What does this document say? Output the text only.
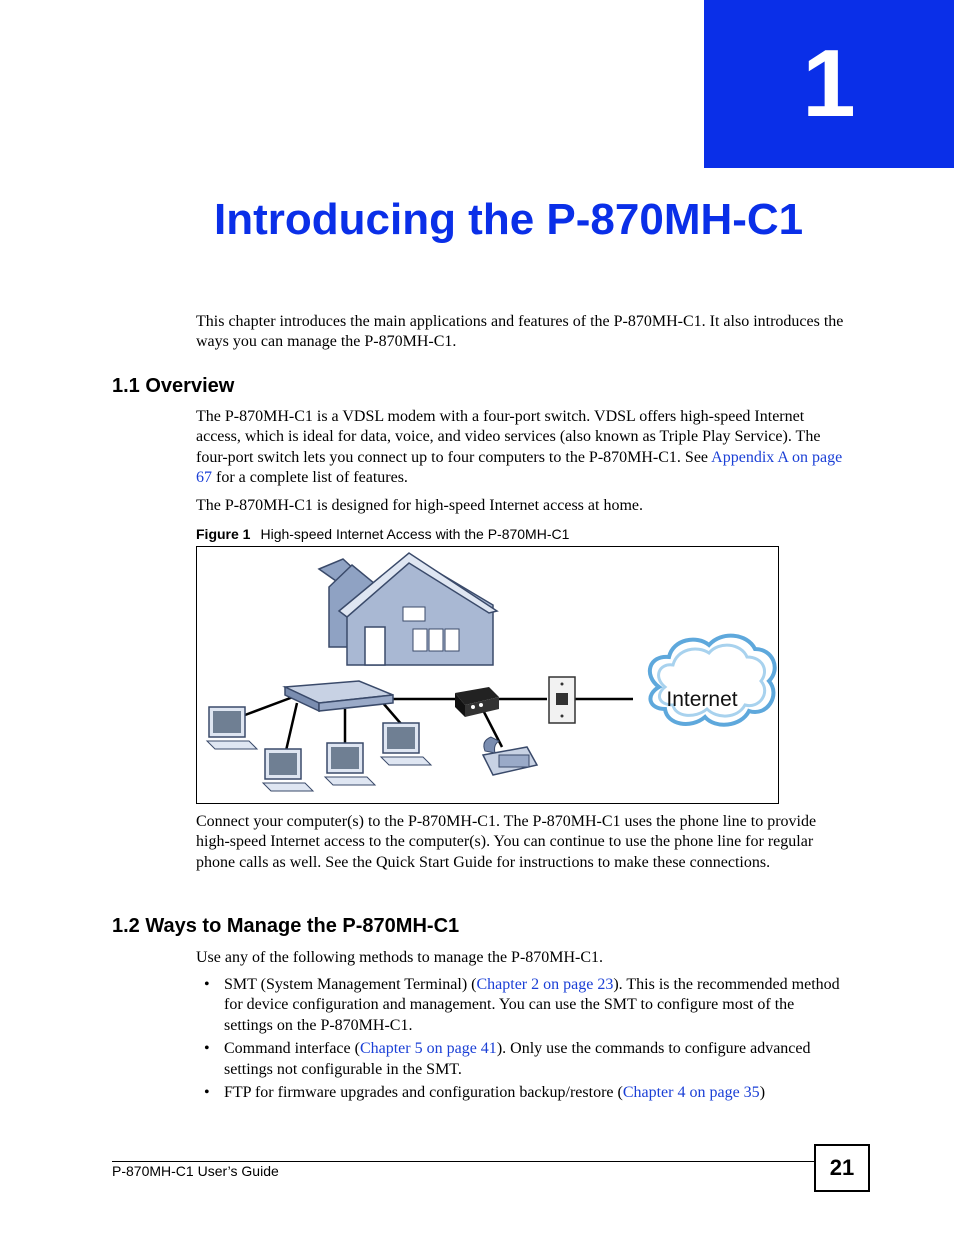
1
Introducing the P-870MH-C1

This chapter introduces the main applications and features of the P-870MH-C1. It also introduces the ways you can manage the P-870MH-C1.

1.1 Overview

The P-870MH-C1 is a VDSL modem with a four-port switch. VDSL offers high-speed Internet access, which is ideal for data, voice, and video services (also known as Triple Play Service). The four-port switch lets you connect up to four computers to the P-870MH-C1. See Appendix A on page 67 for a complete list of features.

The P-870MH-C1 is designed for high-speed Internet access at home.

Figure 1 High-speed Internet Access with the P-870MH-C1

Internet

Connect your computer(s) to the P-870MH-C1. The P-870MH-C1 uses the phone line to provide high-speed Internet access to the computer(s). You can continue to use the phone line for regular phone calls as well. See the Quick Start Guide for instructions to make these connections.

1.2 Ways to Manage the P-870MH-C1

Use any of the following methods to manage the P-870MH-C1.

• SMT (System Management Terminal) (Chapter 2 on page 23). This is the recommended method for device configuration and management. You can use the SMT to configure most of the settings on the P-870MH-C1.
• Command interface (Chapter 5 on page 41). Only use the commands to configure advanced settings not configurable in the SMT.
• FTP for firmware upgrades and configuration backup/restore (Chapter 4 on page 35)
P-870MH-C1 User’s Guide	21
